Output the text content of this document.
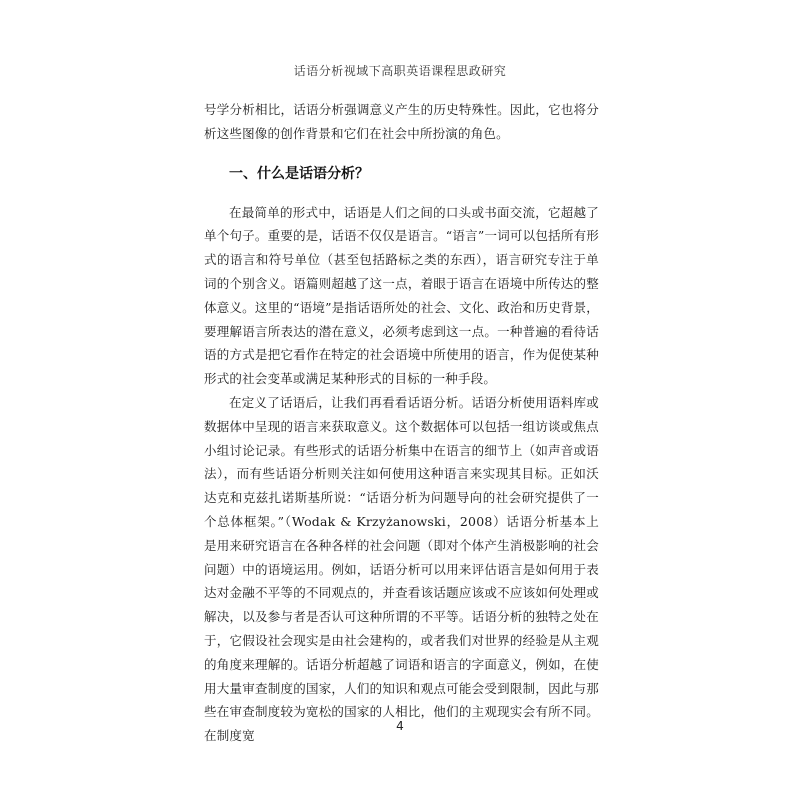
话语分析视域下高职英语课程思政研究

号学分析相比，话语分析强调意义产生的历史特殊性。因此，它也将分析这些图像的创作背景和它们在社会中所扮演的角色。

一、什么是话语分析？

在最简单的形式中，话语是人们之间的口头或书面交流，它超越了单个句子。重要的是，话语不仅仅是语言。“语言”一词可以包括所有形式的语言和符号单位（甚至包括路标之类的东西），语言研究专注于单词的个别含义。语篇则超越了这一点，着眼于语言在语境中所传达的整体意义。这里的“语境”是指话语所处的社会、文化、政治和历史背景，要理解语言所表达的潜在意义，必须考虑到这一点。一种普遍的看待话语的方式是把它看作在特定的社会语境中所使用的语言，作为促使某种形式的社会变革或满足某种形式的目标的一种手段。

在定义了话语后，让我们再看看话语分析。话语分析使用语料库或数据体中呈现的语言来获取意义。这个数据体可以包括一组访谈或焦点小组讨论记录。有些形式的话语分析集中在语言的细节上（如声音或语法），而有些话语分析则关注如何使用这种语言来实现其目标。正如沃达克和克兹扎诺斯基所说：“话语分析为问题导向的社会研究提供了一个总体框架。”（Wodak & Krzyżanowski，2008）话语分析基本上是用来研究语言在各种各样的社会问题（即对个体产生消极影响的社会问题）中的语境运用。例如，话语分析可以用来评估语言是如何用于表达对金融不平等的不同观点的，并查看该话题应该或不应该如何处理或解决，以及参与者是否认可这种所谓的不平等。话语分析的独特之处在于，它假设社会现实是由社会建构的，或者我们对世界的经验是从主观的角度来理解的。话语分析超越了词语和语言的字面意义，例如，在使用大量审查制度的国家，人们的知识和观点可能会受到限制，因此与那些在审查制度较为宽松的国家的人相比，他们的主观现实会有所不同。在制度宽

4
